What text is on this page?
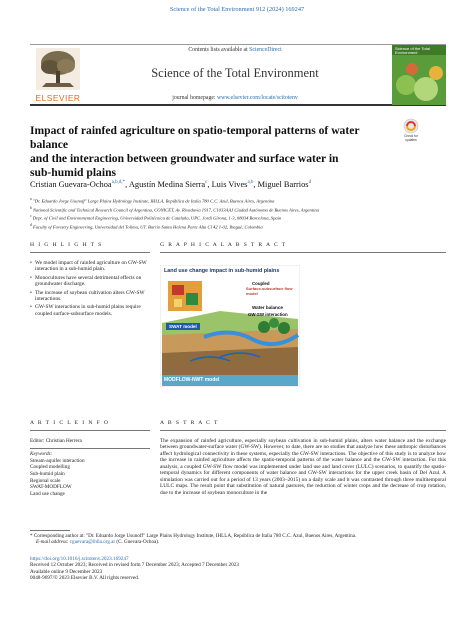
Science of the Total Environment 912 (2024) 169247
ELSEVIER
Contents lists available at ScienceDirect
Science of the Total Environment
journal homepage: www.elsevier.com/locate/scitotenv
Science of the Total Environment
Impact of rainfed agriculture on spatio-temporal patterns of water balance
and the interaction between groundwater and surface water in
sub-humid plains
Check for
updates
Cristian Guevara-Ochoa$^{a,b,d,*}$, Agustín Medina Sierra$^c$, Luis Vives$^{a,b}$, Miguel Barrios$^d$
$^a$ "Dr. Eduardo Jorge Usunoff" Large Plains Hydrology Institute, IHLLA, República de Italia 780 C.C. Azul, Buenos Aires, Argentina
$^b$ National Scientific and Technical Research Council of Argentina, CONICET, Av. Rivadavia 1917, C1033AAJ Ciudad Autónoma de Buenos Aires, Argentina
$^c$ Dept. of Civil and Environmental Engineering, Universidad Politécnica de Cataluña, UPC. Jordi Girona, 1-3, 08034 Barcelona, Spain
$^d$ Faculty of Forestry Engineering, Universidad del Tolima, UT. Barrio Santa Helena Parte Alta Cl 42 1-02, Ibagué, Colombia
H I G H L I G H T S	G R A P H I C A L A B S T R A C T
• We model impact of rainfed agriculture on GW-SW interaction in a sub-humid plain.
• Monocultures have several detrimental effects on groundwater discharge.
• The increase of soybean cultivation alters GW-SW interactions.
• GW-SW interactions in sub-humid plains require coupled surface-subsurface models.
Land use change impact in sub-humid plains
Coupled
Surface-subsurface flow model
Water balance
GW-SW interaction
SWAT model
MODFLOW-NWT model
A R T I C L E I N F O	A B S T R A C T
Editor: Christian Herrera
Keywords:
Stream-aquifer interaction
Coupled modelling
Sub-humid plain
Regional scale
SWAT-MODFLOW
Land use change
The expansion of rainfed agriculture, especially soybean cultivation in sub-humid plains, alters water balance and the exchange between groundwater-surface water (GW-SW). However, to date, there are no studies that analyze how these anthropic disturbances affect hydrological connectivity in these systems, especially the GW-SW interactions. The objective of this study is to analyze how the increase in rainfed agriculture affects the spatio-temporal patterns of the water balance and the GW-SW interaction. For this analysis, a coupled GW-SW flow model was implemented under land use and land cover (LULC) scenarios, to quantify the spatio-temporal dynamics for different components of water balance and GW-SW interactions for the upper creek basin of Del Azul. A simulation was carried out for a period of 13 years (2003–2015) on a daily scale and it was contrasted through three multitemporal LULC maps. The result point that substitution of natural pastures, the reduction of winter crops and the decrease of crop rotation, due to the increase of soybean monoculture in the
* Corresponding author at: "Dr. Eduardo Jorge Usunoff" Large Plains Hydrology Institute, IHLLA, República de Italia 780 C.C. Azul, Buenos Aires, Argentina.
E-mail address: cguevara@ihlla.org.ar (C. Guevara-Ochoa).
https://doi.org/10.1016/j.scitotenv.2023.169247
Received 12 October 2023; Received in revised form 7 December 2023; Accepted 7 December 2023
Available online 9 December 2023
0048-9697/© 2023 Elsevier B.V. All rights reserved.
